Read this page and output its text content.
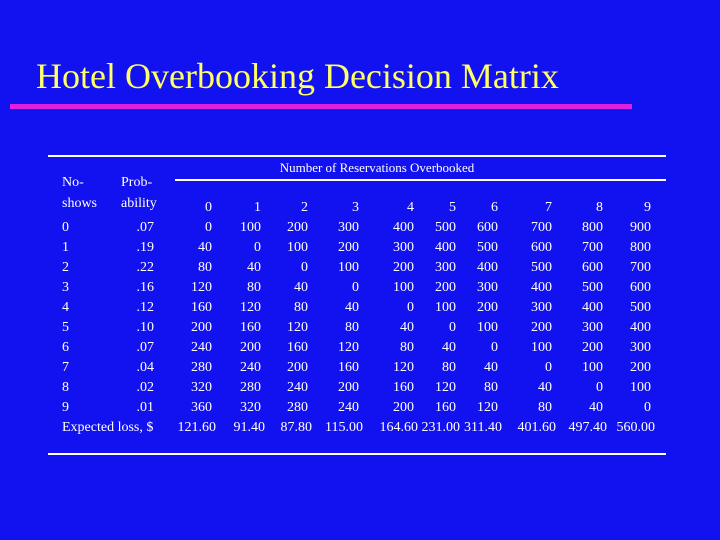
Hotel Overbooking Decision Matrix
Number of Reservations Overbooked
No-
shows
Prob-
ability	0	1	2	3	4	5	6	7	8	9
0	.07	0	100	200	300	400	500	600	700	800	900
1	.19	40	0	100	200	300	400	500	600	700	800
2	.22	80	40	0	100	200	300	400	500	600	700
3	.16	120	80	40	0	100	200	300	400	500	600
4	.12	160	120	80	40	0	100	200	300	400	500
5	.10	200	160	120	80	40	0	100	200	300	400
6	.07	240	200	160	120	80	40	0	100	200	300
7	.04	280	240	200	160	120	80	40	0	100	200
8	.02	320	280	240	200	160	120	80	40	0	100
9	.01	360	320	280	240	200	160	120	80	40	0
Expected loss, $	121.60	91.40	87.80 115.00	164.60 231.00 311.40	401.60 497.40 560.00
